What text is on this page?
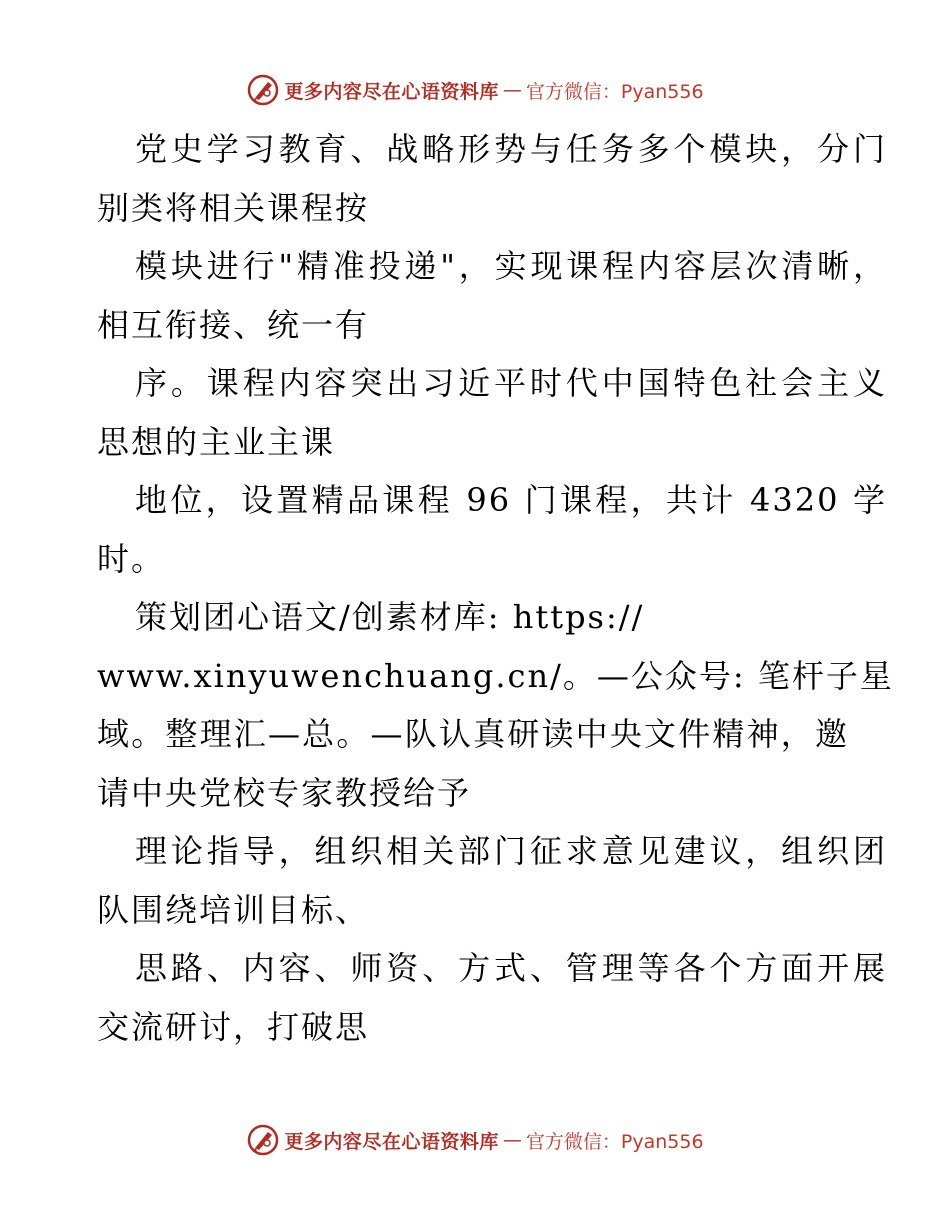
更多内容尽在心语资料库 — 官方微信：Pyan556
党史学习教育、战略形势与任务多个模块，分门
别类将相关课程按
模块进行"精准投递"，实现课程内容层次清晰，
相互衔接、统一有
序。课程内容突出习近平时代中国特色社会主义
思想的主业主课
地位，设置精品课程 96 门课程，共计 4320 学
时。
策划团心语文/创素材库: https://
www.xinyuwenchuang.cn/。—公众号: 笔杆子星
域。整理汇—总。—队认真研读中央文件精神，邀
请中央党校专家教授给予
理论指导，组织相关部门征求意见建议，组织团
队围绕培训目标、
思路、内容、师资、方式、管理等各个方面开展
交流研讨，打破思
更多内容尽在心语资料库 — 官方微信：Pyan556
